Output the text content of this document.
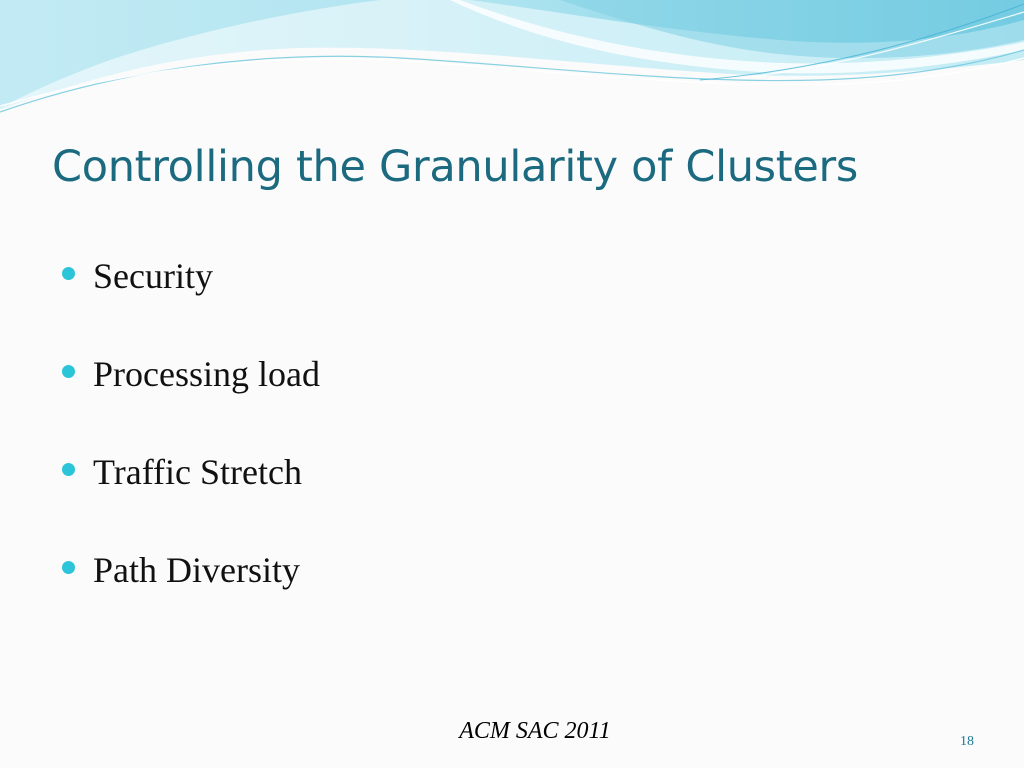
Controlling the Granularity of Clusters
Security
Processing load
Traffic Stretch
Path Diversity
ACM SAC 2011	18
